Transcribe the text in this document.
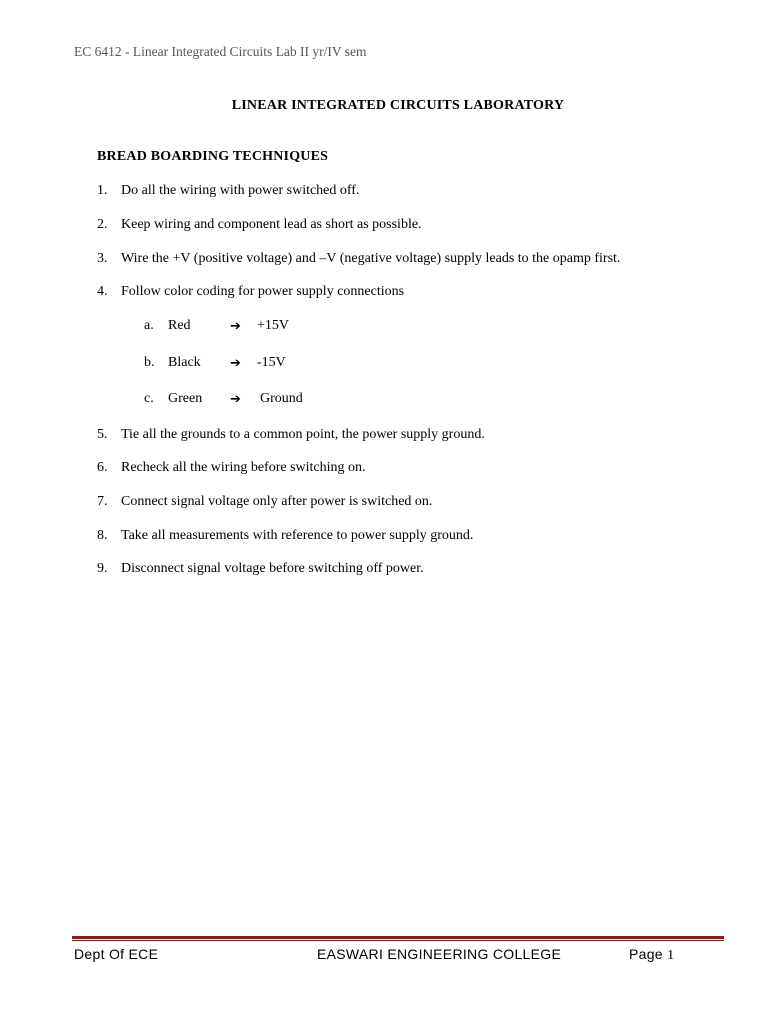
EC 6412 - Linear Integrated Circuits Lab II yr/IV sem
LINEAR INTEGRATED CIRCUITS LABORATORY
BREAD BOARDING TECHNIQUES
1. Do all the wiring with power switched off.
2. Keep wiring and component lead as short as possible.
3. Wire the +V (positive voltage) and –V (negative voltage) supply leads to the opamp first.
4. Follow color coding for power supply connections
a. Red	➔ +15V
b. Black ➔ -15V
c. Green ➔ Ground
5. Tie all the grounds to a common point, the power supply ground.
6. Recheck all the wiring before switching on.
7. Connect signal voltage only after power is switched on.
8. Take all measurements with reference to power supply ground.
9. Disconnect signal voltage before switching off power.
Dept Of ECE	EASWARI ENGINEERING COLLEGE	Page 1
